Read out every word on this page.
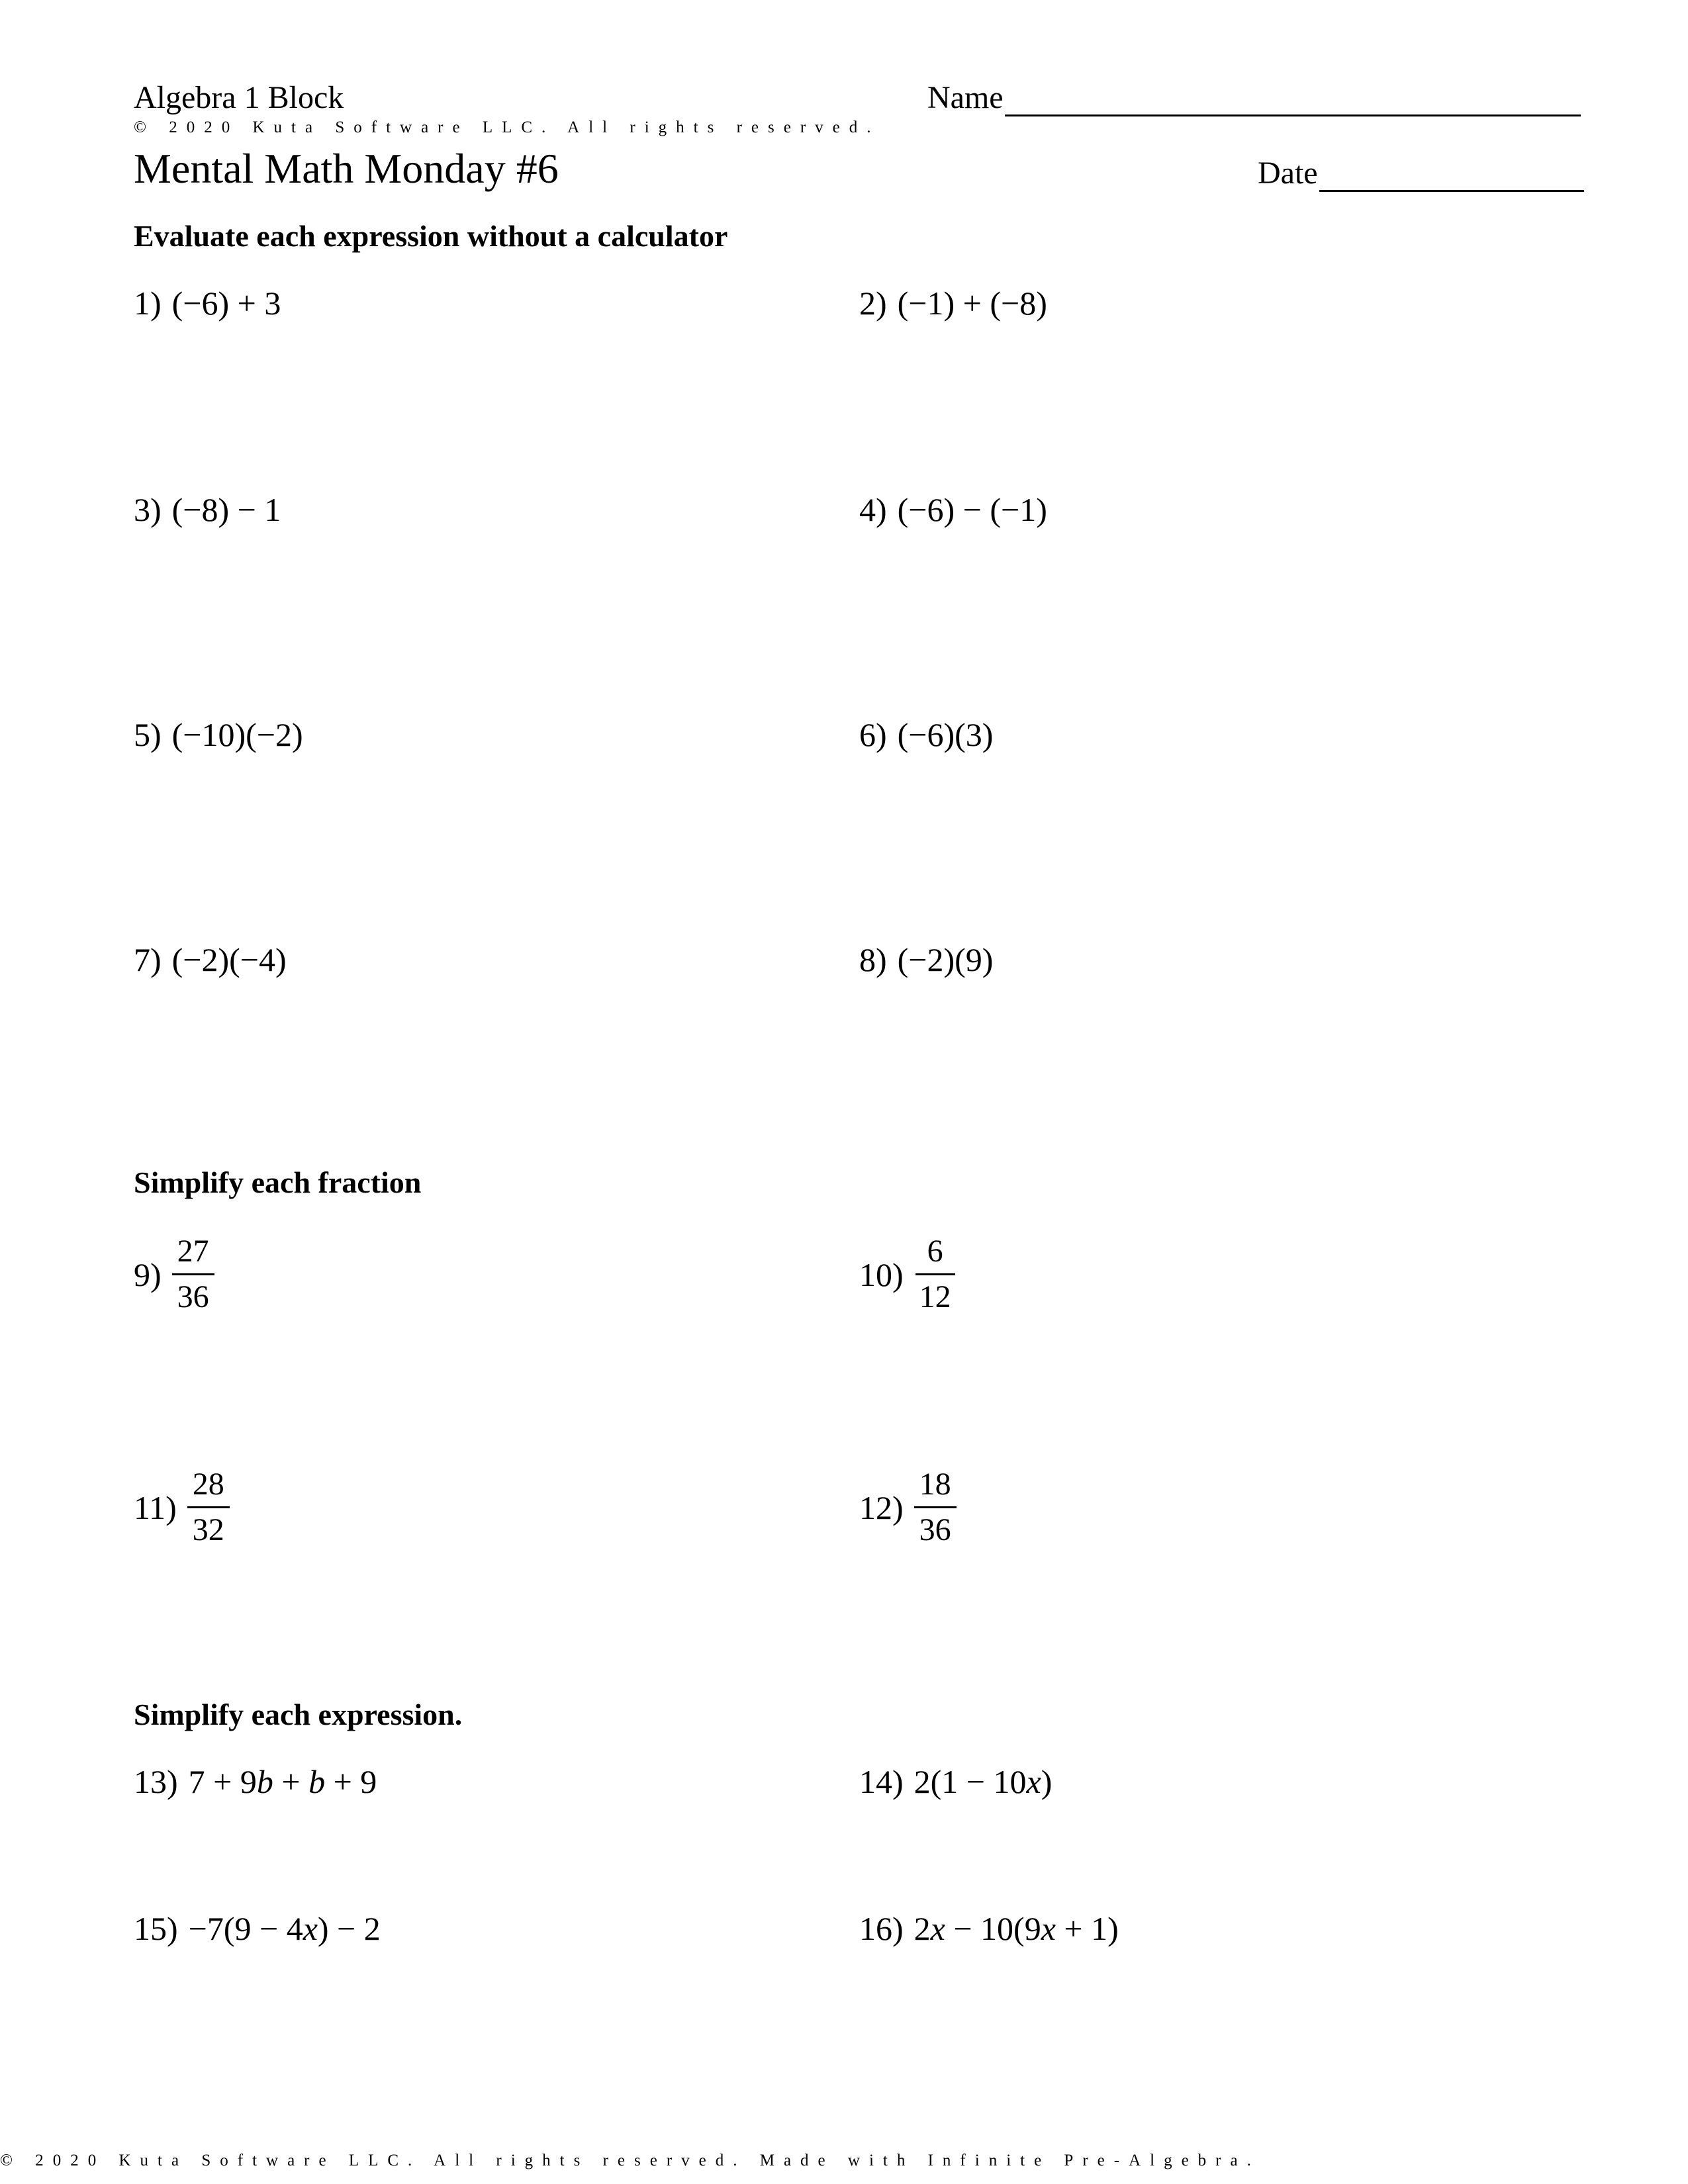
Algebra 1 Block	Name
© 2020 Kuta Software LLC. All rights reserved.
Mental Math Monday #6	Date
Evaluate each expression without a calculator
1) (−6) + 3	2) (−1) + (−8)
3) (−8) − 1	4) (−6) − (−1)
5) (−10)(−2)	6) (−6)(3)
7) (−2)(−4)	8) (−2)(9)
Simplify each fraction
$9) \frac{27}{36}$	$10) \frac{6}{12}$
$11) \frac{28}{32}$	$12) \frac{18}{36}$
Simplify each expression.
13) 7 + 9b + b + 9	14) 2(1 − 10x)
15) −7(9 − 4x) − 2	16) 2x − 10(9x + 1)
© 2020 Kuta Software LLC. All rights reserved. Made with Infinite Pre-Algebra.
